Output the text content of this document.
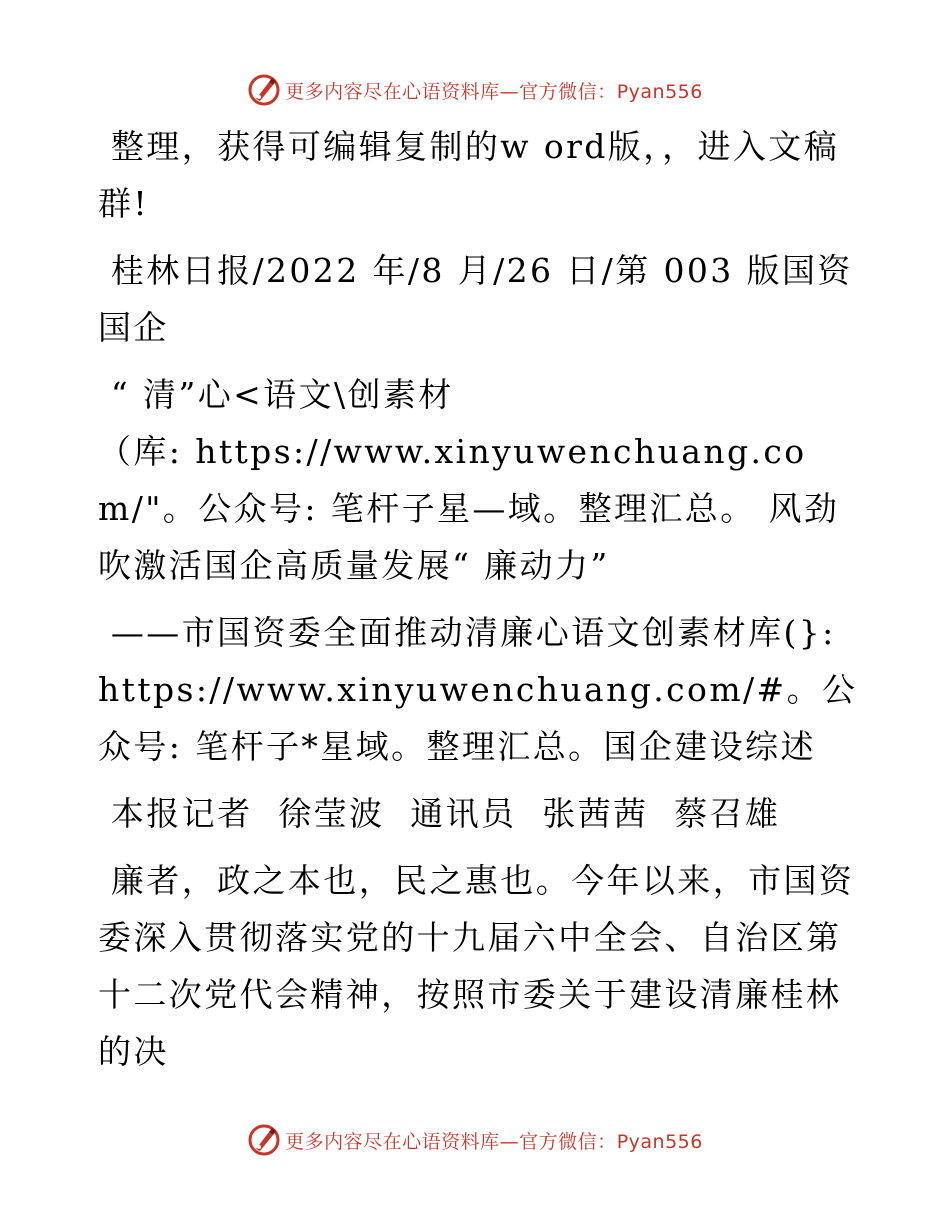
更多内容尽在心语资料库—官方微信：Pyan556

整理，获得可编辑复制的w ord版，，进入文稿群!

桂林日报/2022 年/8 月/26 日/第 003 版国资国企

“ 清”心<语文\创素材

（库: https://www.xinyuwenchuang.com/"。公众号: 笔杆子星—域。整理汇总。 风劲吹激活国企高质量发展“ 廉动力”

——市国资委全面推动清廉心语文创素材库(}: https://www.xinyuwenchuang.com/#。公众号: 笔杆子*星域。整理汇总。国企建设综述

本报记者  徐莹波  通讯员  张茜茜  蔡召雄

廉者，政之本也，民之惠也。今年以来，市国资委深入贯彻落实党的十九届六中全会、自治区第十二次党代会精神，按照市委关于建设清廉桂林的决

更多内容尽在心语资料库—官方微信：Pyan556
